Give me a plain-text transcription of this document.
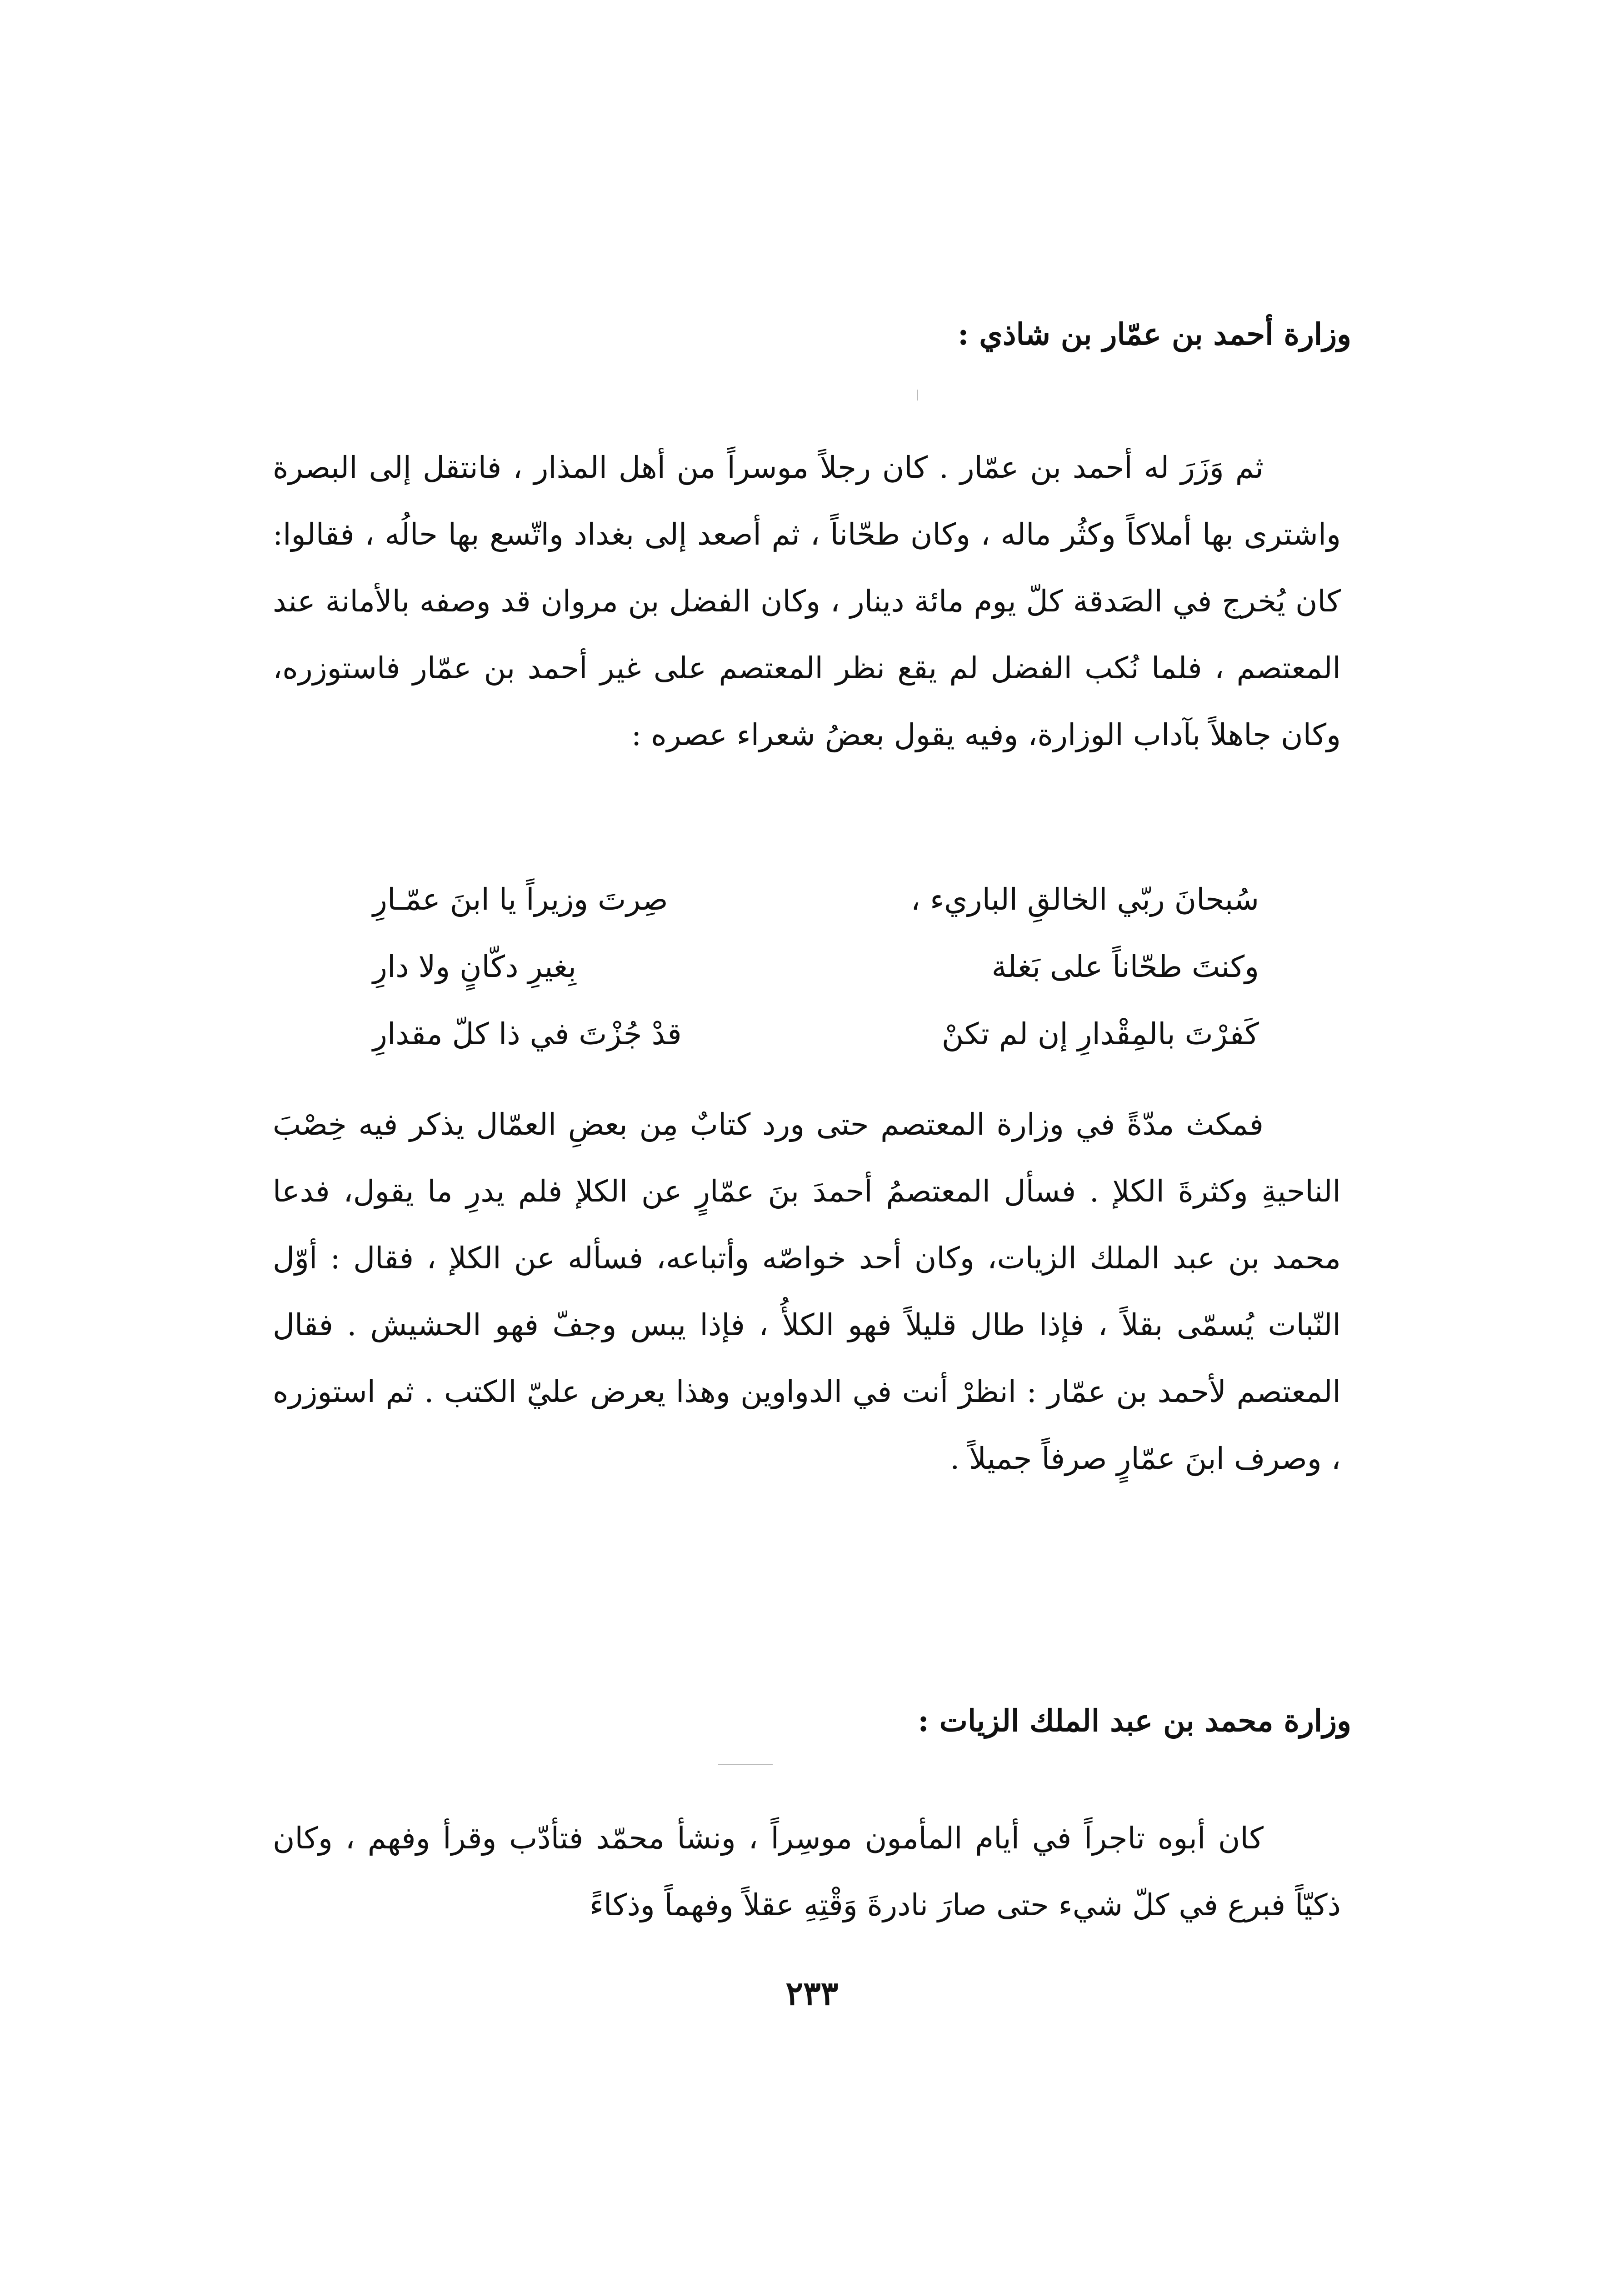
وزارة أحمد بن عمّار بن شاذي :

ثم وَزَرَ له أحمد بن عمّار . كان رجلاً موسراً من أهل المذار ، فانتقل إلى البصرة واشترى بها أملاكاً وكثُر ماله ، وكان طحّاناً ، ثم أصعد إلى بغداد واتّسع بها حالُه ، فقالوا: كان يُخرج في الصَدقة كلّ يوم مائة دينار ، وكان الفضل بن مروان قد وصفه بالأمانة عند المعتصم ، فلما نُكب الفضل لم يقع نظر المعتصم على غير أحمد بن عمّار فاستوزره، وكان جاهلاً بآداب الوزارة، وفيه يقول بعضُ شعراء عصره :

سُبحانَ ربّي الخالقِ الباريء ،
صِرتَ وزيراً يا ابنَ عمّـارِ
وكنتَ طحّاناً على بَغلة
بِغيرِ دكّانٍ ولا دارِ
كَفرْتَ بالمِقْدارِ إن لم تكنْ
قدْ جُزْتَ في ذا كلّ مقدارِ

فمكث مدّةً في وزارة المعتصم حتى ورد كتابٌ مِن بعضِ العمّال يذكر فيه خِصْبَ الناحيةِ وكثرةَ الكلإ . فسأل المعتصمُ أحمدَ بنَ عمّارٍ عن الكلإ فلم يدرِ ما يقول، فدعا محمد بن عبد الملك الزيات، وكان أحد خواصّه وأتباعه، فسأله عن الكلإ ، فقال : أوّل النّبات يُسمّى بقلاً ، فإذا طال قليلاً فهو الكلأُ ، فإذا يبس وجفّ فهو الحشيش . فقال المعتصم لأحمد بن عمّار : انظرْ أنت في الدواوين وهذا يعرض عليّ الكتب . ثم استوزره ، وصرف ابنَ عمّارٍ صرفاً جميلاً .

وزارة محمد بن عبد الملك الزيات :

كان أبوه تاجراً في أيام المأمون موسِراً ، ونشأ محمّد فتأدّب وقرأ وفهم ، وكان ذكيّاً فبرع في كلّ شيء حتى صارَ نادرةَ وَقْتِهِ عقلاً وفهماً وذكاءً

٢٣٣
